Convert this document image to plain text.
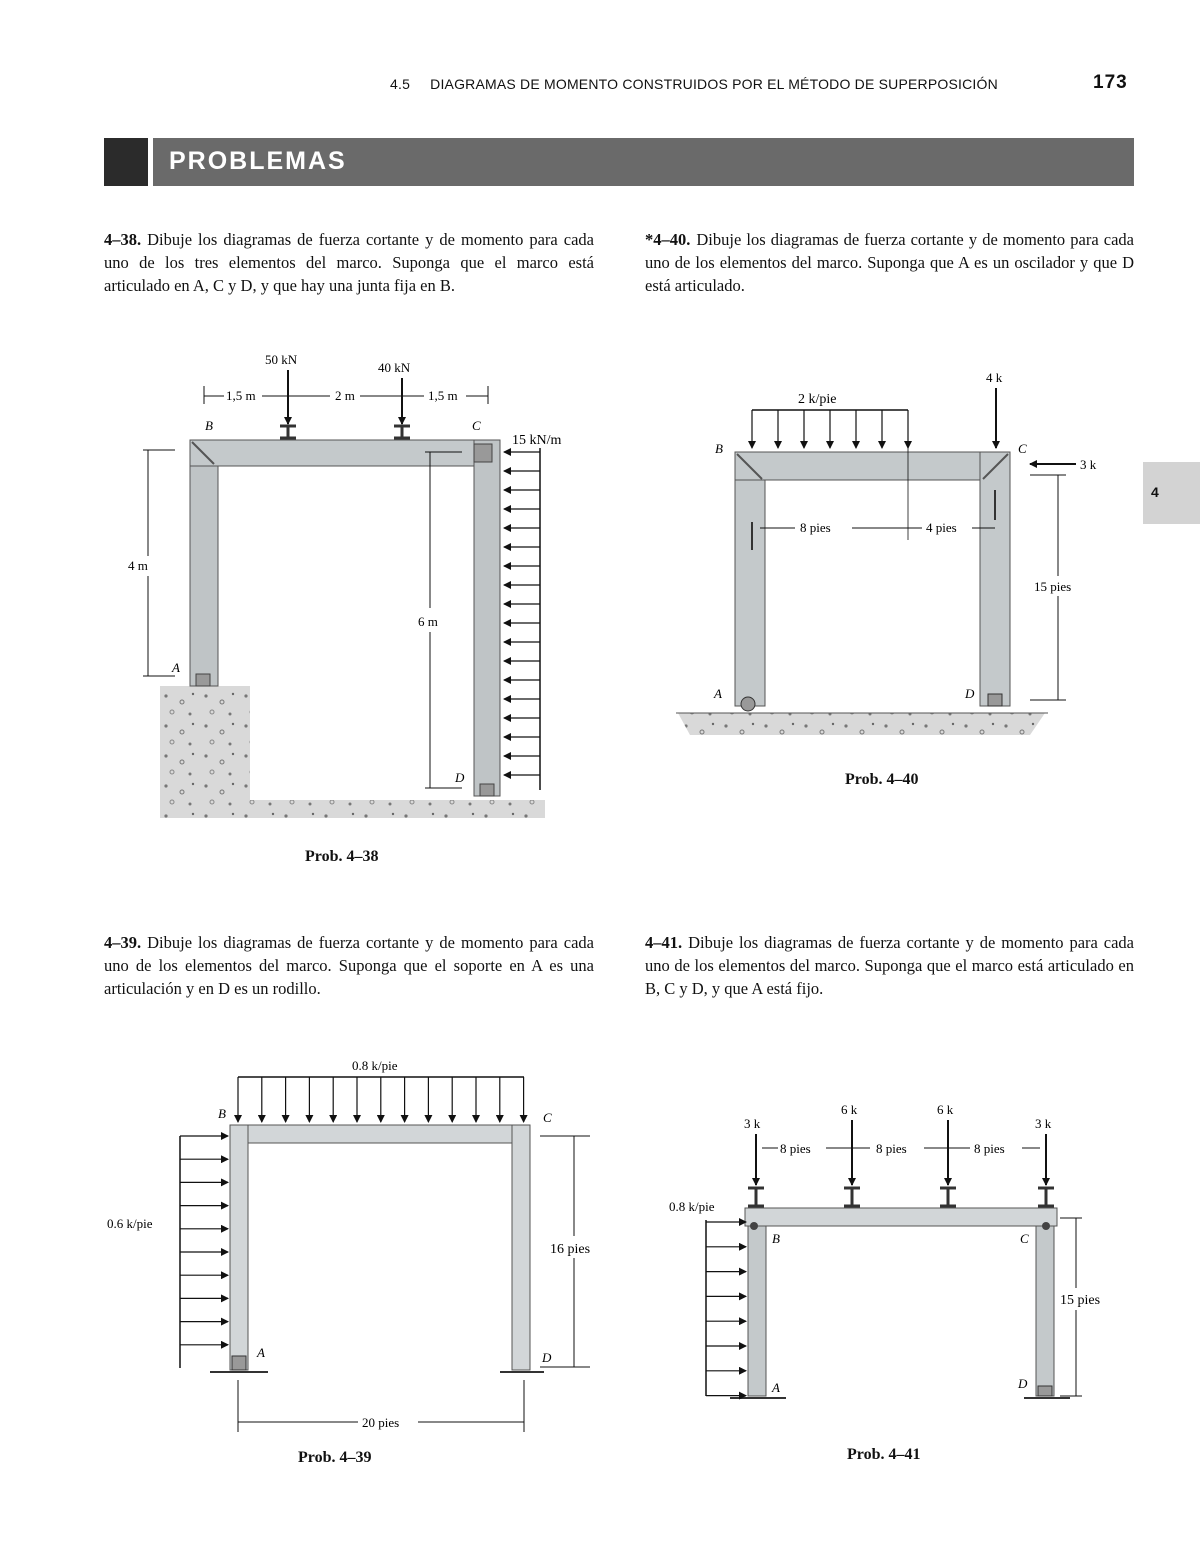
4.5 DIAGRAMAS DE MOMENTO CONSTRUIDOS POR EL MÉTODO DE SUPERPOSICIÓN	173
PROBLEMAS
4
4–38. Dibuje los diagramas de fuerza cortante y de momento para cada uno de los tres elementos del marco. Suponga que el marco está articulado en A, C y D, y que hay una junta fija en B.
*4–40. Dibuje los diagramas de fuerza cortante y de momento para cada uno de los elementos del marco. Suponga que A es un oscilador y que D está articulado.
4–39. Dibuje los diagramas de fuerza cortante y de momento para cada uno de los elementos del marco. Suponga que el soporte en A es una articulación y en D es un rodillo.
4–41. Dibuje los diagramas de fuerza cortante y de momento para cada uno de los elementos del marco. Suponga que el marco está articulado en B, C y D, y que A está fijo.
Prob. 4–38
Prob. 4–40
Prob. 4–39	Prob. 4–41
50 kN
40 kN
1,5 m	2 m	1,5 m
15 kN/m
4 m
6 m
B	C
A
D
2 k/pie
4 k
3 k
8 pies	4 pies
15 pies
B	C
A	D
0.8 k/pie
0.6 k/pie
16 pies
20 pies
B	C
A	D
3 k
6 k	6 k
3 k
8 pies	8 pies	8 pies
0.8 k/pie
15 pies
B	C
A	D
